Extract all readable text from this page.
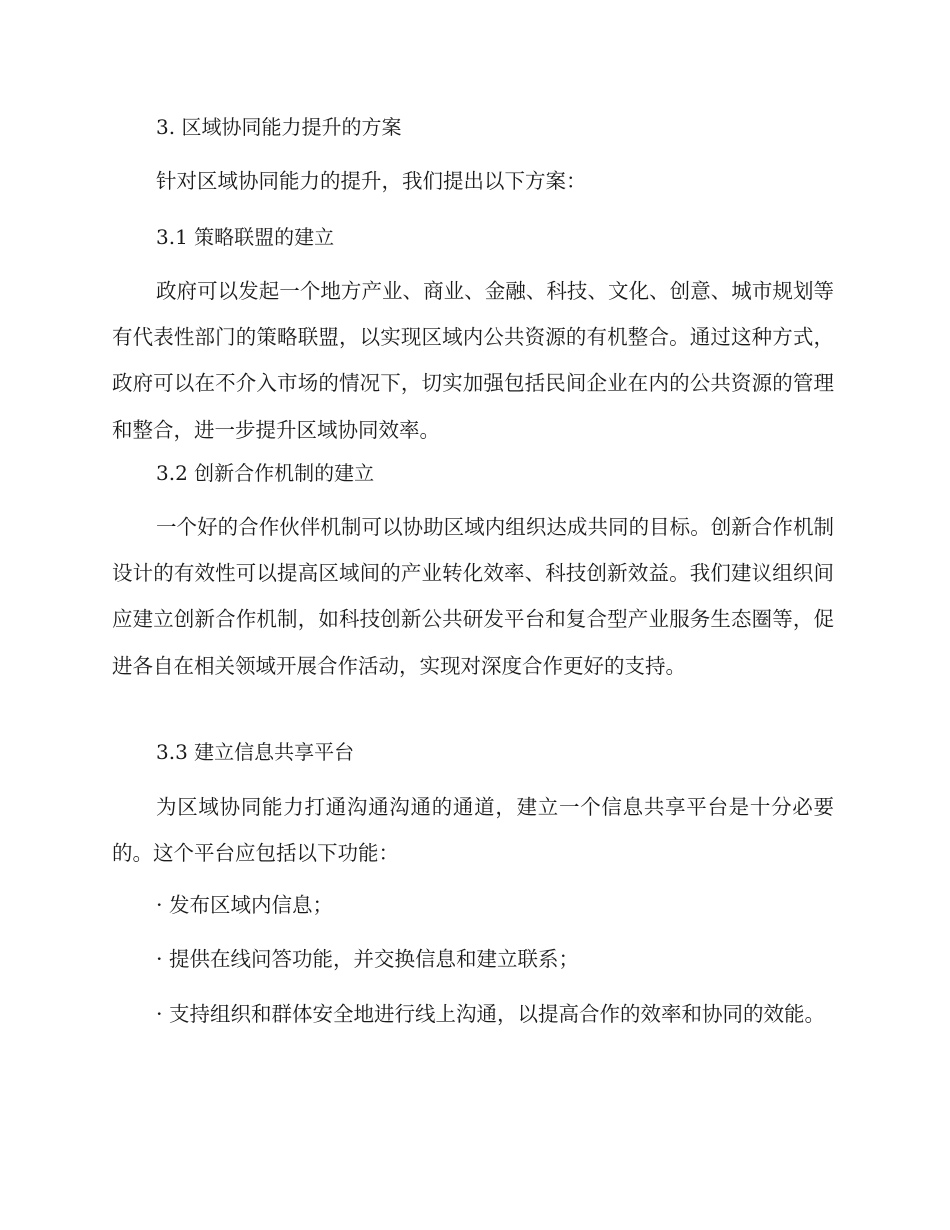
3. 区域协同能力提升的方案

针对区域协同能力的提升，我们提出以下方案：

3.1 策略联盟的建立

政府可以发起一个地方产业、商业、金融、科技、文化、创意、城市规划等有代表性部门的策略联盟，以实现区域内公共资源的有机整合。通过这种方式，政府可以在不介入市场的情况下，切实加强包括民间企业在内的公共资源的管理和整合，进一步提升区域协同效率。

3.2 创新合作机制的建立

一个好的合作伙伴机制可以协助区域内组织达成共同的目标。创新合作机制设计的有效性可以提高区域间的产业转化效率、科技创新效益。我们建议组织间应建立创新合作机制，如科技创新公共研发平台和复合型产业服务生态圈等，促进各自在相关领域开展合作活动，实现对深度合作更好的支持。

3.3 建立信息共享平台

为区域协同能力打通沟通沟通的通道，建立一个信息共享平台是十分必要的。这个平台应包括以下功能：

· 发布区域内信息；

· 提供在线问答功能，并交换信息和建立联系；

· 支持组织和群体安全地进行线上沟通，以提高合作的效率和协同的效能。
